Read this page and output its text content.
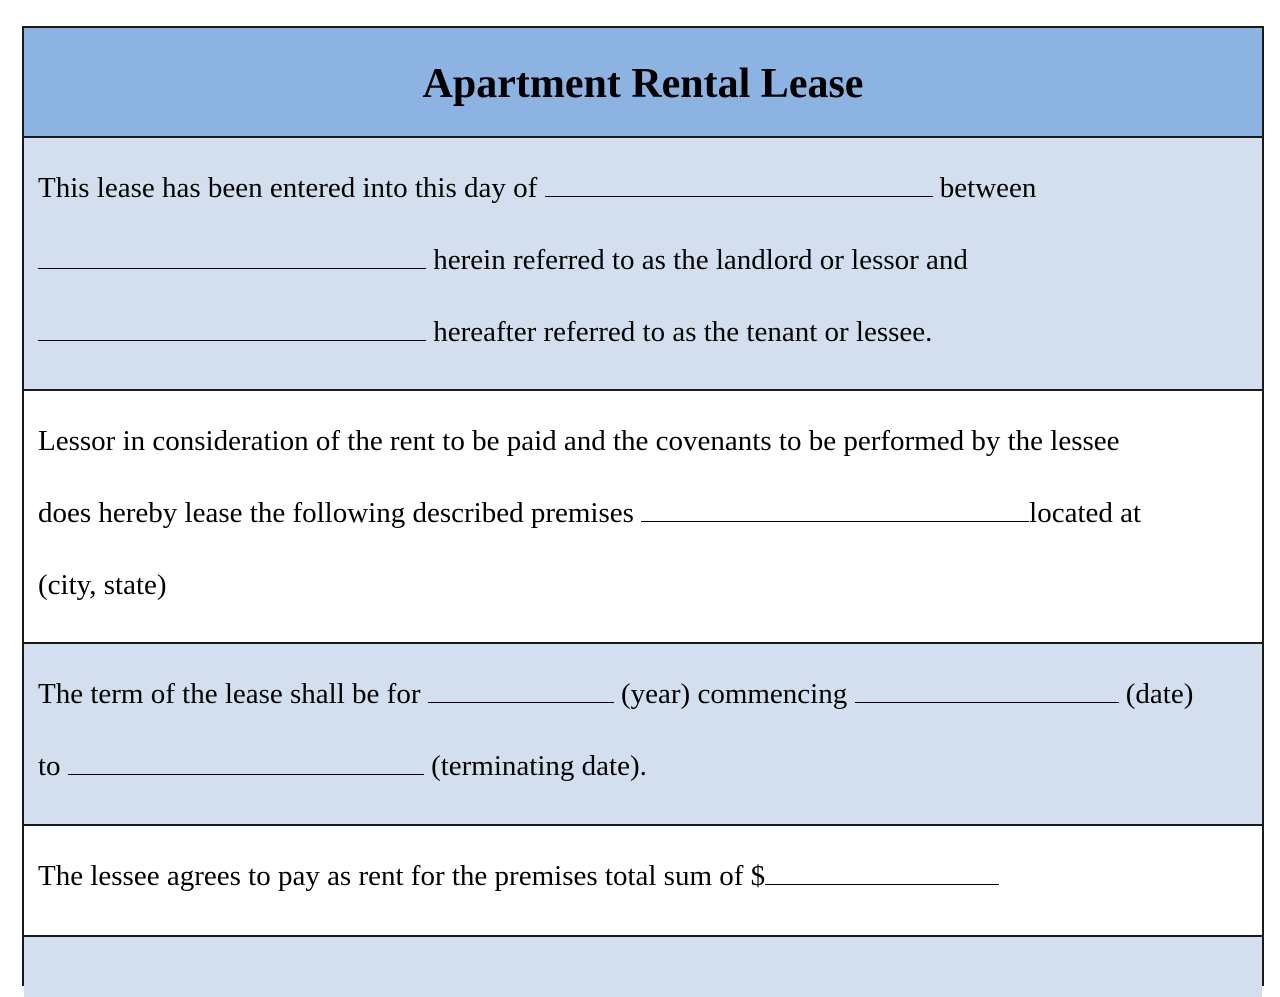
Apartment Rental Lease
This lease has been entered into this day of	between
herein referred to as the landlord or lessor and
hereafter referred to as the tenant or lessee.
Lessor in consideration of the rent to be paid and the covenants to be performed by the lessee
does hereby lease the following described premises	located at
(city, state)
The term of the lease shall be for	(year) commencing	(date)
to	(terminating date).
The lessee agrees to pay as rent for the premises total sum of $
